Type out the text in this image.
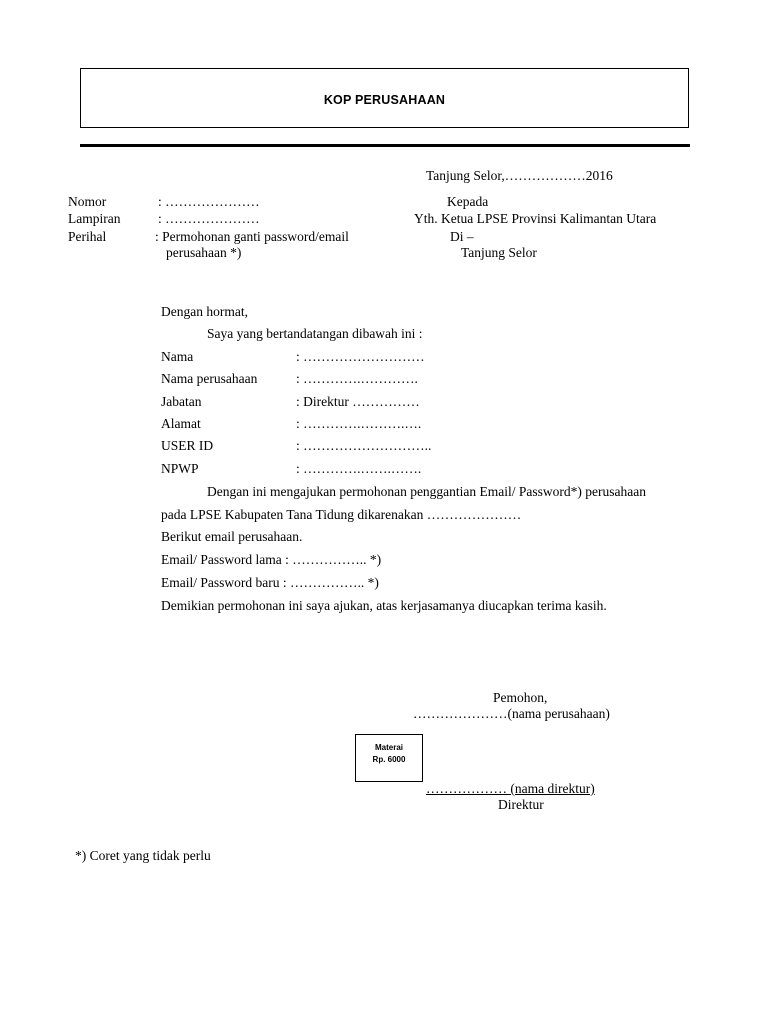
KOP PERUSAHAAN
Tanjung Selor,………………2016
Nomor	: …………………
Lampiran	: …………………
Perihal	: Permohonan ganti password/email
perusahaan *)
Kepada
Yth. Ketua LPSE Provinsi Kalimantan Utara
Di –
Tanjung Selor
Dengan hormat,
Saya yang bertandatangan dibawah ini :
Nama	: ………………………
Nama perusahaan	: ………….………….
Jabatan	: Direktur ……………
Alamat	: ………….……….….
USER ID	: ………………………..
NPWP	: ………….…….…….
Dengan ini mengajukan permohonan penggantian Email/ Password*) perusahaan
pada LPSE Kabupaten Tana Tidung dikarenakan …………………
Berikut email perusahaan.
Email/ Password lama : …………….. *)
Email/ Password baru : …………….. *)
Demikian permohonan ini saya ajukan, atas kerjasamanya diucapkan terima kasih.
Pemohon,
…………………(nama perusahaan)
Materai
Rp. 6000
……………… (nama direktur)
Direktur
*) Coret yang tidak perlu
